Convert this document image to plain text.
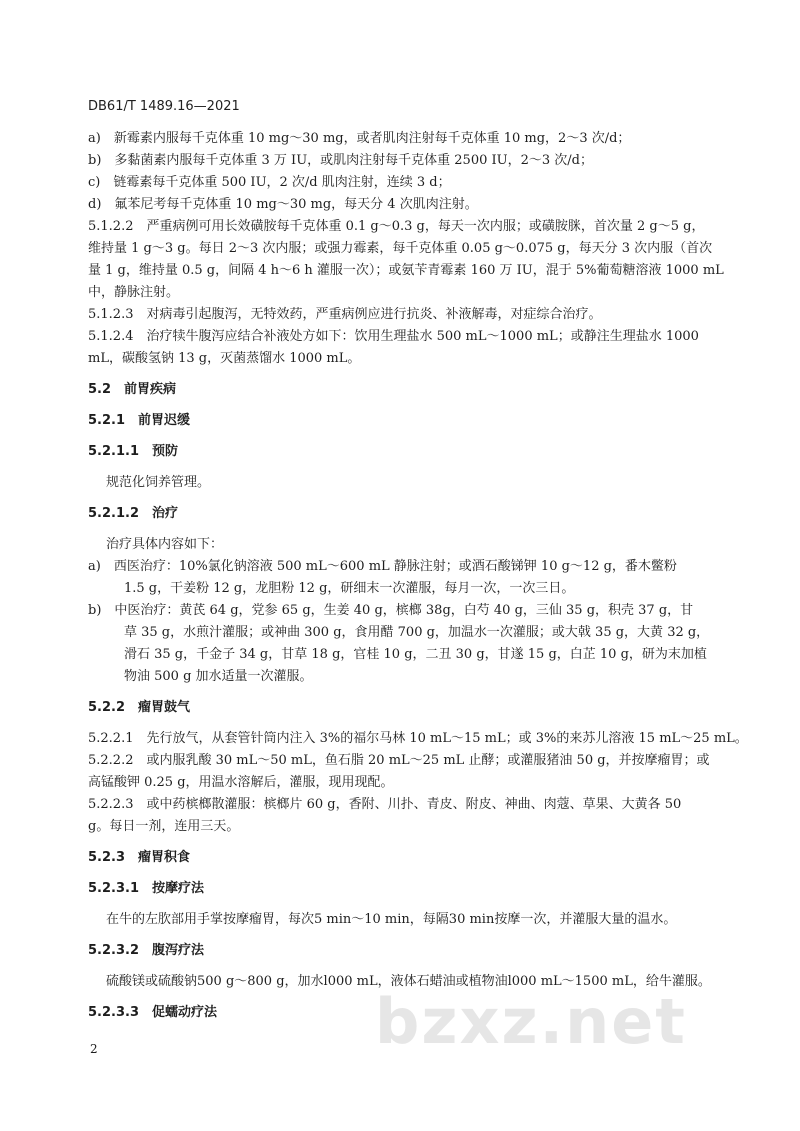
DB61/T 1489.16—2021
a)　新霉素内服每千克体重 10 mg～30 mg，或者肌肉注射每千克体重 10 mg，2～3 次/d；
b)　多黏菌素内服每千克体重 3 万 IU，或肌肉注射每千克体重 2500 IU，2～3 次/d；
c)　链霉素每千克体重 500 IU，2 次/d 肌肉注射，连续 3 d；
d)　氟苯尼考每千克体重 10 mg～30 mg，每天分 4 次肌肉注射。
5.1.2.2　严重病例可用长效磺胺每千克体重 0.1 g～0.3 g，每天一次内服；或磺胺脒，首次量 2 g～5 g，
维持量 1 g～3 g。每日 2～3 次内服；或强力霉素，每千克体重 0.05 g～0.075 g，每天分 3 次内服（首次
量 1 g，维持量 0.5 g，间隔 4 h～6 h 灌服一次）；或氨苄青霉素 160 万 IU，混于 5%葡萄糖溶液 1000 mL
中，静脉注射。
5.1.2.3　对病毒引起腹泻，无特效药，严重病例应进行抗炎、补液解毒，对症综合治疗。
5.1.2.4　治疗犊牛腹泻应结合补液处方如下：饮用生理盐水 500 mL～1000 mL；或静注生理盐水 1000
mL，碳酸氢钠 13 g，灭菌蒸馏水 1000 mL。
5.2　前胃疾病
5.2.1　前胃迟缓
5.2.1.1　预防
规范化饲养管理。
5.2.1.2　治疗
治疗具体内容如下：
a)　西医治疗：10%氯化钠溶液 500 mL～600 mL 静脉注射；或酒石酸锑钾 10 g～12 g，番木鳖粉
1.5 g，干姜粉 12 g，龙胆粉 12 g，研细末一次灌服，每月一次，一次三日。
b)　中医治疗：黄芪 64 g，党参 65 g，生姜 40 g，槟榔 38g，白芍 40 g，三仙 35 g，积壳 37 g，甘
草 35 g，水煎汁灌服；或神曲 300 g，食用醋 700 g，加温水一次灌服；或大戟 35 g，大黄 32 g，
滑石 35 g，千金子 34 g，甘草 18 g，官桂 10 g，二丑 30 g，甘遂 15 g，白芷 10 g，研为末加植
物油 500 g 加水适量一次灌服。
5.2.2　瘤胃鼓气
5.2.2.1　先行放气，从套管针筒内注入 3%的福尔马林 10 mL～15 mL；或 3%的来苏儿溶液 15 mL～25 mL。
5.2.2.2　或内服乳酸 30 mL～50 mL，鱼石脂 20 mL～25 mL 止酵；或灌服猪油 50 g，并按摩瘤胃；或
高锰酸钾 0.25 g，用温水溶解后，灌服，现用现配。
5.2.2.3　或中药槟榔散灌服：槟榔片 60 g，香附、川扑、青皮、附皮、神曲、肉蔻、草果、大黄各 50
g。每日一剂，连用三天。
5.2.3　瘤胃积食
5.2.3.1　按摩疗法
在牛的左肷部用手掌按摩瘤胃，每次5 min～10 min，每隔30 min按摩一次，并灌服大量的温水。
5.2.3.2　腹泻疗法
硫酸镁或硫酸钠500 g～800 g，加水l000 mL，液体石蜡油或植物油l000 mL～1500 mL，给牛灌服。
5.2.3.3　促蠕动疗法	bzxz.net
2
